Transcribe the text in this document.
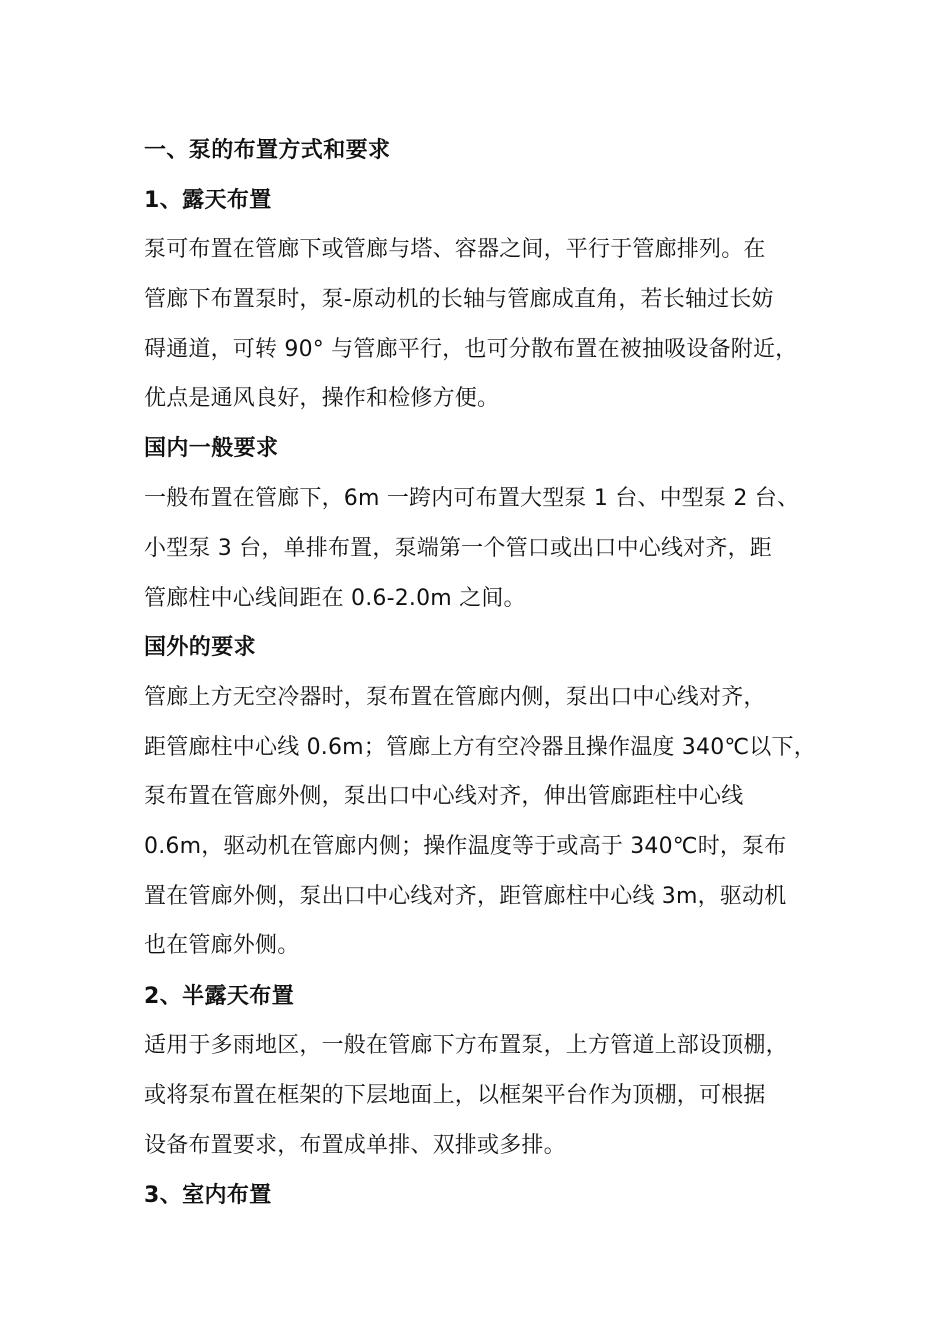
一、泵的布置方式和要求
1、露天布置
泵可布置在管廊下或管廊与塔、容器之间，平行于管廊排列。在
管廊下布置泵时，泵-原动机的长轴与管廊成直角，若长轴过长妨
碍通道，可转 90° 与管廊平行，也可分散布置在被抽吸设备附近，
优点是通风良好，操作和检修方便。
国内一般要求
一般布置在管廊下，6m 一跨内可布置大型泵 1 台、中型泵 2 台、
小型泵 3 台，单排布置，泵端第一个管口或出口中心线对齐，距
管廊柱中心线间距在 0.6-2.0m 之间。
国外的要求
管廊上方无空冷器时，泵布置在管廊内侧，泵出口中心线对齐，
距管廊柱中心线 0.6m；管廊上方有空冷器且操作温度 340℃以下，
泵布置在管廊外侧，泵出口中心线对齐，伸出管廊距柱中心线
0.6m，驱动机在管廊内侧；操作温度等于或高于 340℃时，泵布
置在管廊外侧，泵出口中心线对齐，距管廊柱中心线 3m，驱动机
也在管廊外侧。
2、半露天布置
适用于多雨地区，一般在管廊下方布置泵，上方管道上部设顶棚，
或将泵布置在框架的下层地面上，以框架平台作为顶棚，可根据
设备布置要求，布置成单排、双排或多排。
3、室内布置
